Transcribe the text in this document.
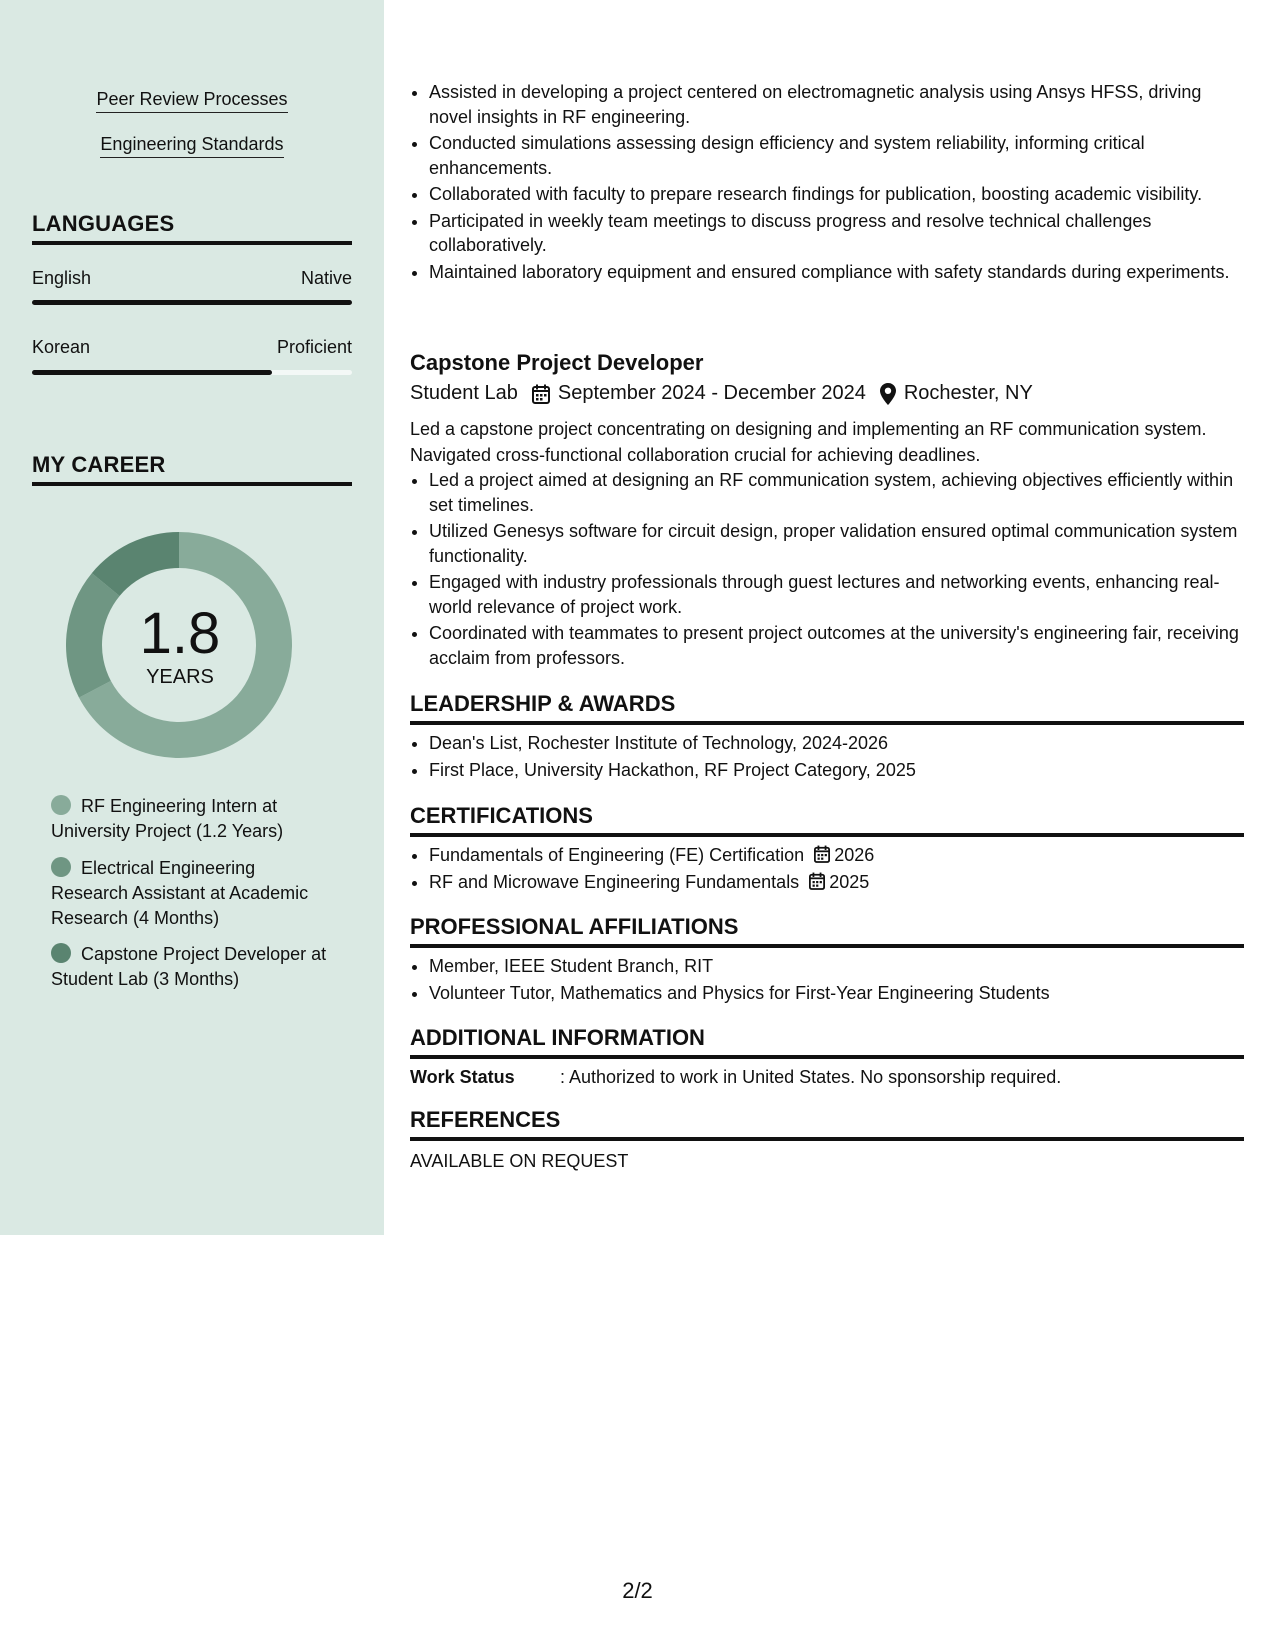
Peer Review Processes
Engineering Standards
LANGUAGES
English	Native
Korean	Proficient
MY CAREER
1.8
YEARS
RF Engineering Intern at University Project (1.2 Years)
Electrical Engineering Research Assistant at Academic Research (4 Months)
Capstone Project Developer at Student Lab (3 Months)
• Assisted in developing a project centered on electromagnetic analysis using Ansys HFSS, driving novel insights in RF engineering.
• Conducted simulations assessing design efficiency and system reliability, informing critical enhancements.
• Collaborated with faculty to prepare research findings for publication, boosting academic visibility.
• Participated in weekly team meetings to discuss progress and resolve technical challenges collaboratively.
• Maintained laboratory equipment and ensured compliance with safety standards during experiments.
Capstone Project Developer
Student Lab September 2024 - December 2024 Rochester, NY
Led a capstone project concentrating on designing and implementing an RF communication system. Navigated cross-functional collaboration crucial for achieving deadlines.
• Led a project aimed at designing an RF communication system, achieving objectives efficiently within set timelines.
• Utilized Genesys software for circuit design, proper validation ensured optimal communication system functionality.
• Engaged with industry professionals through guest lectures and networking events, enhancing real-world relevance of project work.
• Coordinated with teammates to present project outcomes at the university's engineering fair, receiving acclaim from professors.
LEADERSHIP & AWARDS
• Dean's List, Rochester Institute of Technology, 2024-2026
• First Place, University Hackathon, RF Project Category, 2025
CERTIFICATIONS
• Fundamentals of Engineering (FE) Certification 2026
• RF and Microwave Engineering Fundamentals 2025
PROFESSIONAL AFFILIATIONS
• Member, IEEE Student Branch, RIT
• Volunteer Tutor, Mathematics and Physics for First-Year Engineering Students
ADDITIONAL INFORMATION
Work Status	: Authorized to work in United States. No sponsorship required.
REFERENCES
AVAILABLE ON REQUEST
2/2
